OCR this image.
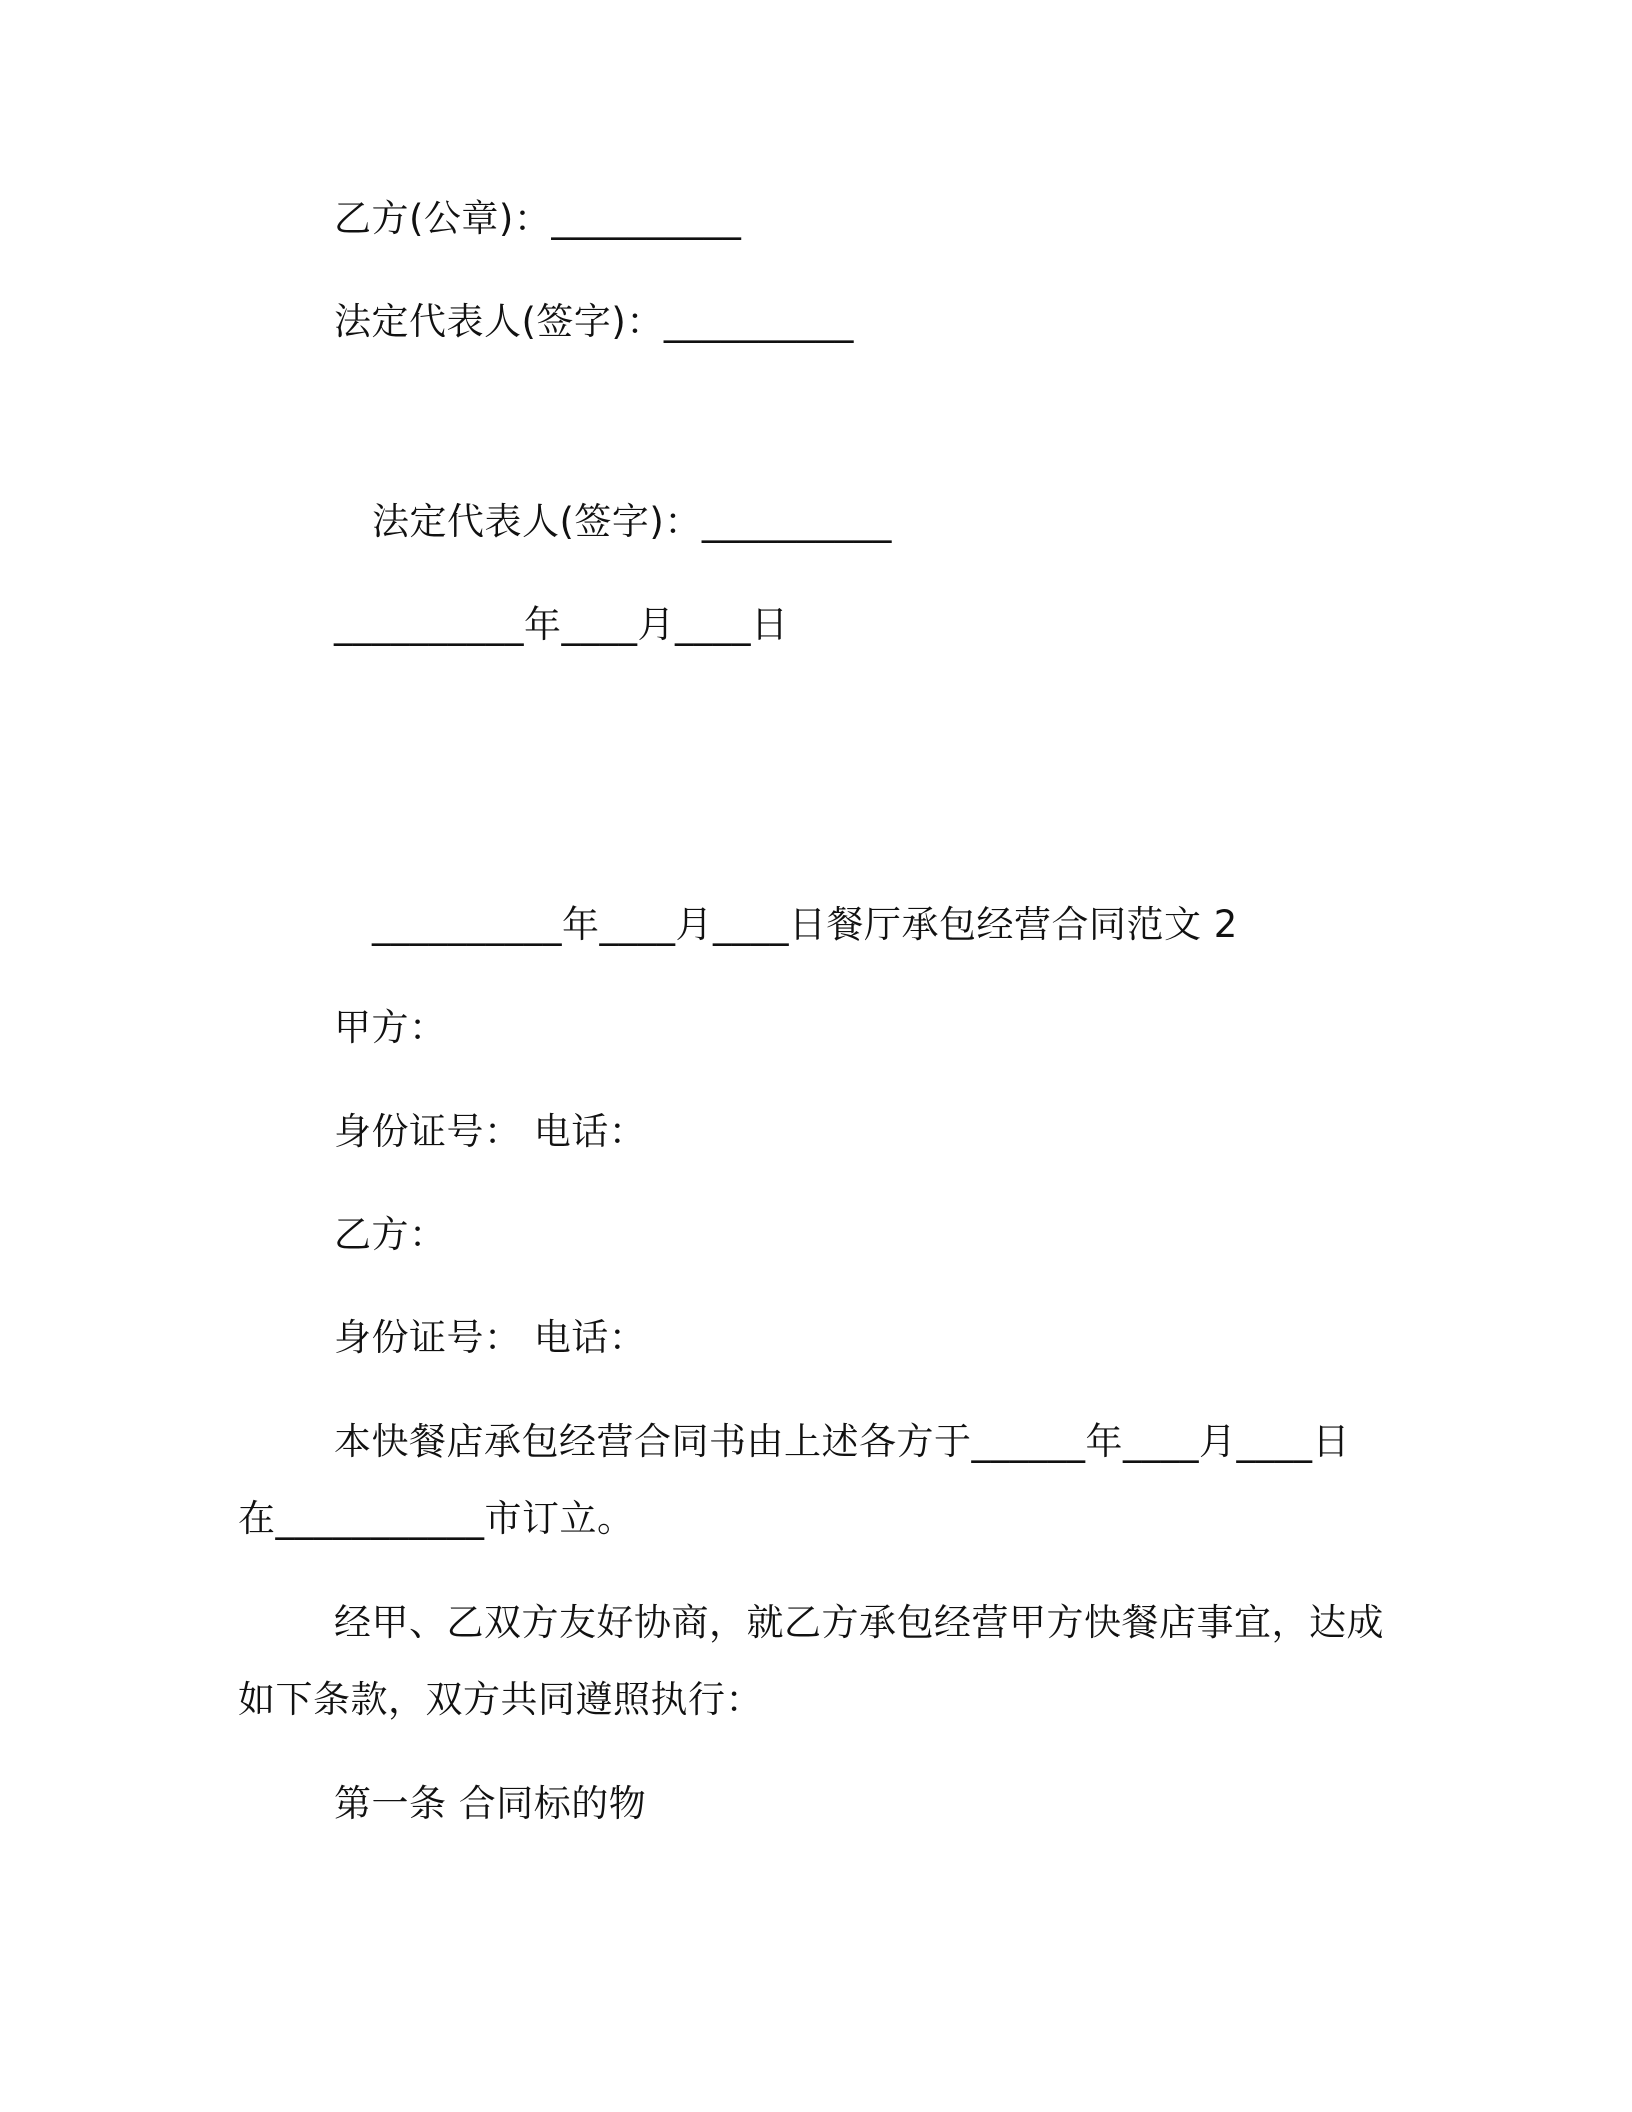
乙方(公章)：__________
法定代表人(签字)：__________
法定代表人(签字)：__________
__________年____月____日
__________年____月____日餐厅承包经营合同范文 2
甲方：
身份证号： 电话：
乙方：
身份证号： 电话：
本快餐店承包经营合同书由上述各方于______年____月____日
在___________市订立。
经甲、乙双方友好协商，就乙方承包经营甲方快餐店事宜，达成
如下条款，双方共同遵照执行：
第一条 合同标的物
